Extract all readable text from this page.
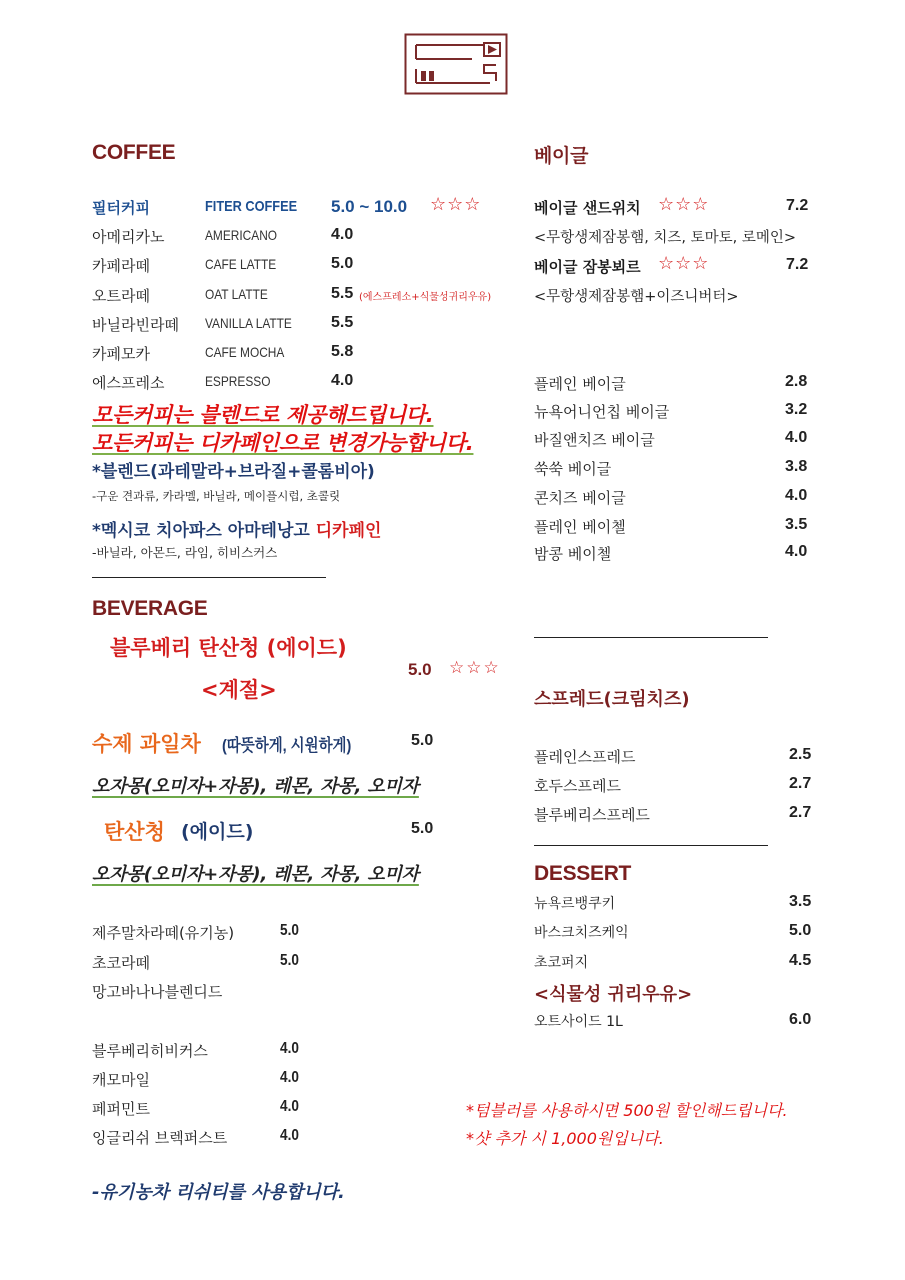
COFFEE
필터커피	FITER COFFEE 5.0 ~ 10.0 ☆☆☆
아메리카노	AMERICANO	4.0
카페라떼	CAFE LATTE	5.0
오트라떼	OAT LATTE	5.5 (에스프레소+식물성귀리우유)
바닐라빈라떼 VANILLA LATTE 5.5
카페모카	CAFE MOCHA	5.8
에스프레소	ESPRESSO	4.0
모든커피는 블렌드로 제공해드립니다.
모든커피는 디카페인으로 변경가능합니다.
*블렌드(과테말라+브라질+콜롬비아)
-구운 견과류, 카라멜, 바닐라, 메이플시럽, 초콜릿
*멕시코 치아파스 아마테낭고 디카페인
-바닐라, 아몬드, 라임, 히비스커스
BEVERAGE
블루베리 탄산청 (에이드)
<계절>
5.0 ☆☆☆
수제 과일차 (따뜻하게, 시원하게)	5.0
오자몽(오미자+자몽), 레몬, 자몽, 오미자
탄산청 (에이드)	5.0
오자몽(오미자+자몽), 레몬, 자몽, 오미자
제주말차라떼(유기농)	5.0
초코라떼	5.0
망고바나나블렌디드
블루베리히비커스	4.0
캐모마일	4.0
페퍼민트	4.0
잉글리쉬 브렉퍼스트	4.0
-유기농차 리쉬티를 사용합니다.
베이글
베이글 샌드위치 ☆☆☆	7.2
<무항생제잠봉햄, 치즈, 토마토, 로메인>
베이글 잠봉뵈르 ☆☆☆	7.2
<무항생제잠봉햄+이즈니버터>
플레인 베이글	2.8
뉴욕어니언칩 베이글	3.2
바질앤치즈 베이글	4.0
쑥쑥 베이글	3.8
콘치즈 베이글	4.0
플레인 베이첼	3.5
밤콩 베이첼	4.0
스프레드(크림치즈)
플레인스프레드	2.5
호두스프레드	2.7
블루베리스프레드	2.7
DESSERT
뉴욕르뱅쿠키	3.5
바스크치즈케익	5.0
초코퍼지	4.5
<식물성 귀리우유>
오트사이드 1L	6.0
*텀블러를 사용하시면 500원 할인해드립니다.
*샷 추가 시 1,000원입니다.
